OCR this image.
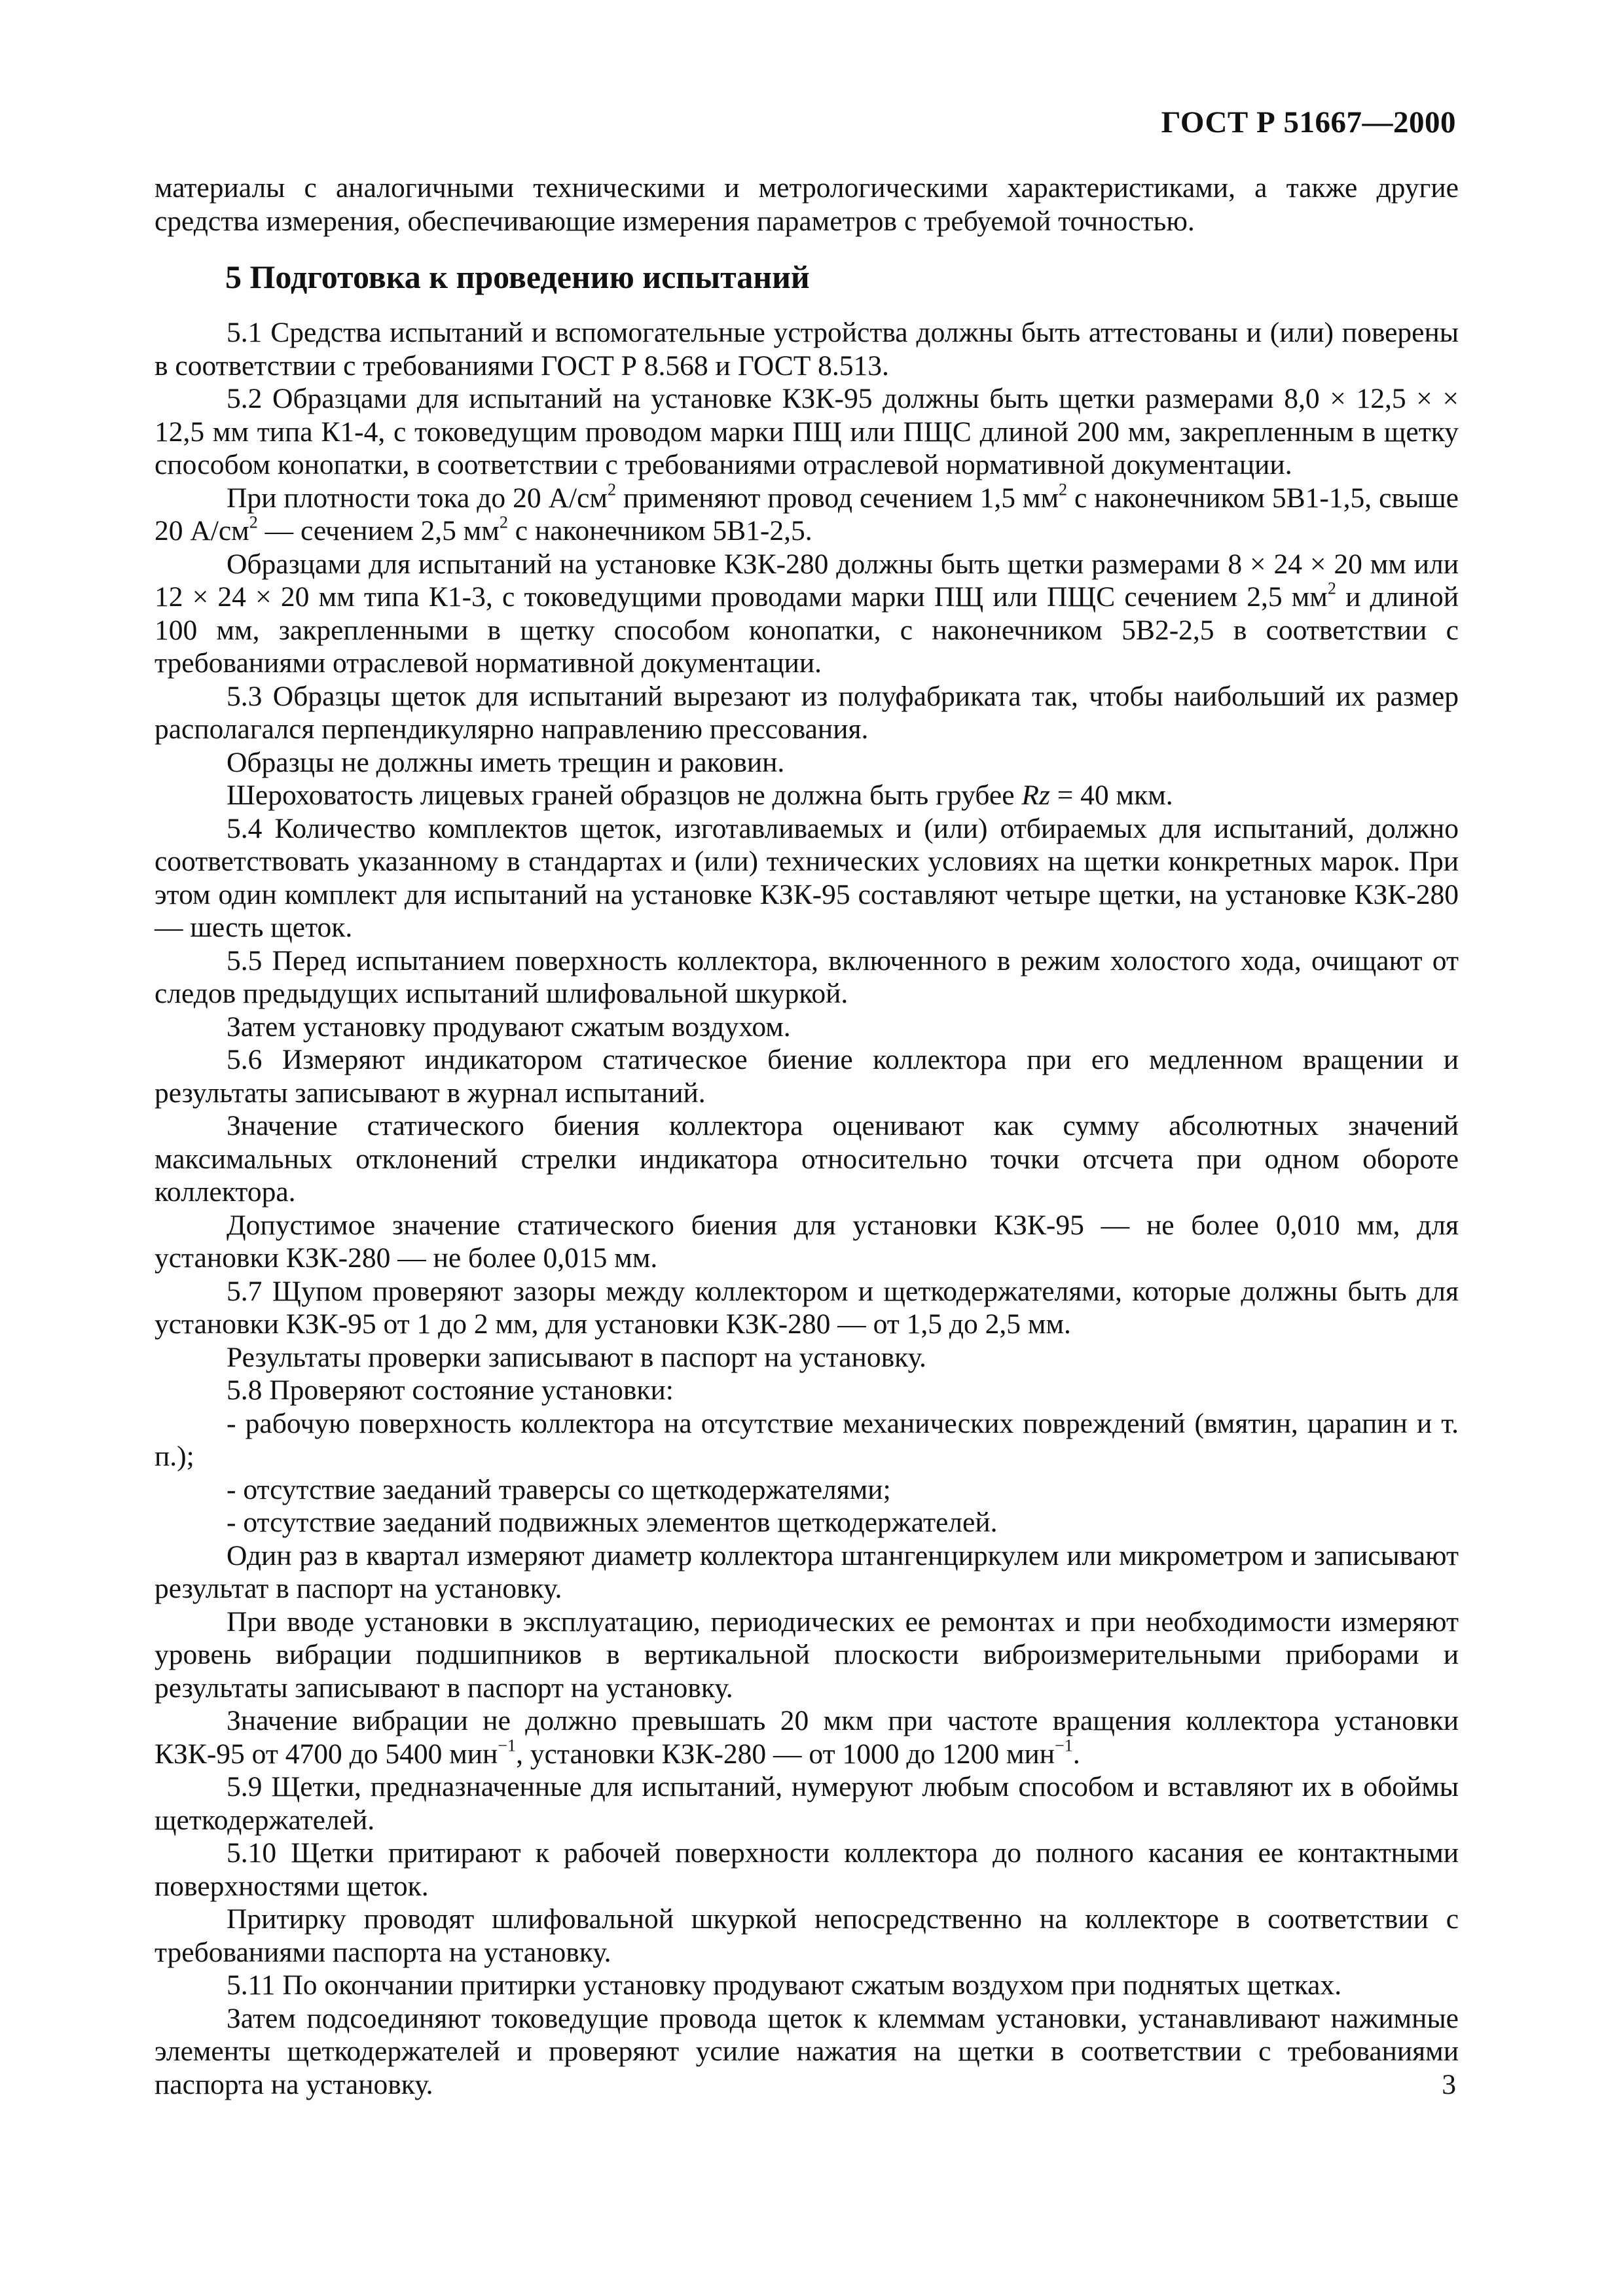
ГОСТ Р 51667—2000

материалы с аналогичными техническими и метрологическими характеристиками, а также другие средства измерения, обеспечивающие измерения параметров с требуемой точностью.

5 Подготовка к проведению испытаний

5.1 Средства испытаний и вспомогательные устройства должны быть аттестованы и (или) поверены в соответствии с требованиями ГОСТ Р 8.568 и ГОСТ 8.513.

5.2 Образцами для испытаний на установке КЗК-95 должны быть щетки размерами 8,0 × 12,5 × × 12,5 мм типа К1-4, с токоведущим проводом марки ПЩ или ПЩС длиной 200 мм, закрепленным в щетку способом конопатки, в соответствии с требованиями отраслевой нормативной документации.

При плотности тока до 20 $А/см^2$ применяют провод сечением 1,5 $мм^2$ с наконечником 5В1-1,5, свыше 20 $А/см^2$ — сечением 2,5 $мм^2$ с наконечником 5В1-2,5.

Образцами для испытаний на установке КЗК-280 должны быть щетки размерами 8 × 24 × 20 мм или 12 × 24 × 20 мм типа К1-3, с токоведущими проводами марки ПЩ или ПЩС сечением 2,5 $мм^2$ и длиной 100 мм, закрепленными в щетку способом конопатки, с наконечником 5В2-2,5 в соответствии с требованиями отраслевой нормативной документации.

5.3 Образцы щеток для испытаний вырезают из полуфабриката так, чтобы наибольший их размер располагался перпендикулярно направлению прессования.

Образцы не должны иметь трещин и раковин.

Шероховатость лицевых граней образцов не должна быть грубее Rz = 40 мкм.

5.4 Количество комплектов щеток, изготавливаемых и (или) отбираемых для испытаний, должно соответствовать указанному в стандартах и (или) технических условиях на щетки конкретных марок. При этом один комплект для испытаний на установке КЗК-95 составляют четыре щетки, на установке КЗК-280 — шесть щеток.

5.5 Перед испытанием поверхность коллектора, включенного в режим холостого хода, очищают от следов предыдущих испытаний шлифовальной шкуркой.

Затем установку продувают сжатым воздухом.

5.6 Измеряют индикатором статическое биение коллектора при его медленном вращении и результаты записывают в журнал испытаний.

Значение статического биения коллектора оценивают как сумму абсолютных значений максимальных отклонений стрелки индикатора относительно точки отсчета при одном обороте коллектора.

Допустимое значение статического биения для установки КЗК-95 — не более 0,010 мм, для установки КЗК-280 — не более 0,015 мм.

5.7 Щупом проверяют зазоры между коллектором и щеткодержателями, которые должны быть для установки КЗК-95 от 1 до 2 мм, для установки КЗК-280 — от 1,5 до 2,5 мм.

Результаты проверки записывают в паспорт на установку.

5.8 Проверяют состояние установки:

- рабочую поверхность коллектора на отсутствие механических повреждений (вмятин, царапин и т. п.);

- отсутствие заеданий траверсы со щеткодержателями;

- отсутствие заеданий подвижных элементов щеткодержателей.

Один раз в квартал измеряют диаметр коллектора штангенциркулем или микрометром и записывают результат в паспорт на установку.

При вводе установки в эксплуатацию, периодических ее ремонтах и при необходимости измеряют уровень вибрации подшипников в вертикальной плоскости виброизмерительными приборами и результаты записывают в паспорт на установку.

Значение вибрации не должно превышать 20 мкм при частоте вращения коллектора установки КЗК-95 от 4700 до 5400 мин$^{-1}$, установки КЗК-280 — от 1000 до 1200 мин$^{-1}$.

5.9 Щетки, предназначенные для испытаний, нумеруют любым способом и вставляют их в обоймы щеткодержателей.

5.10 Щетки притирают к рабочей поверхности коллектора до полного касания ее контактными поверхностями щеток.

Притирку проводят шлифовальной шкуркой непосредственно на коллекторе в соответствии с требованиями паспорта на установку.

5.11 По окончании притирки установку продувают сжатым воздухом при поднятых щетках.

Затем подсоединяют токоведущие провода щеток к клеммам установки, устанавливают нажимные элементы щеткодержателей и проверяют усилие нажатия на щетки в соответствии с требованиями паспорта на установку.	3
